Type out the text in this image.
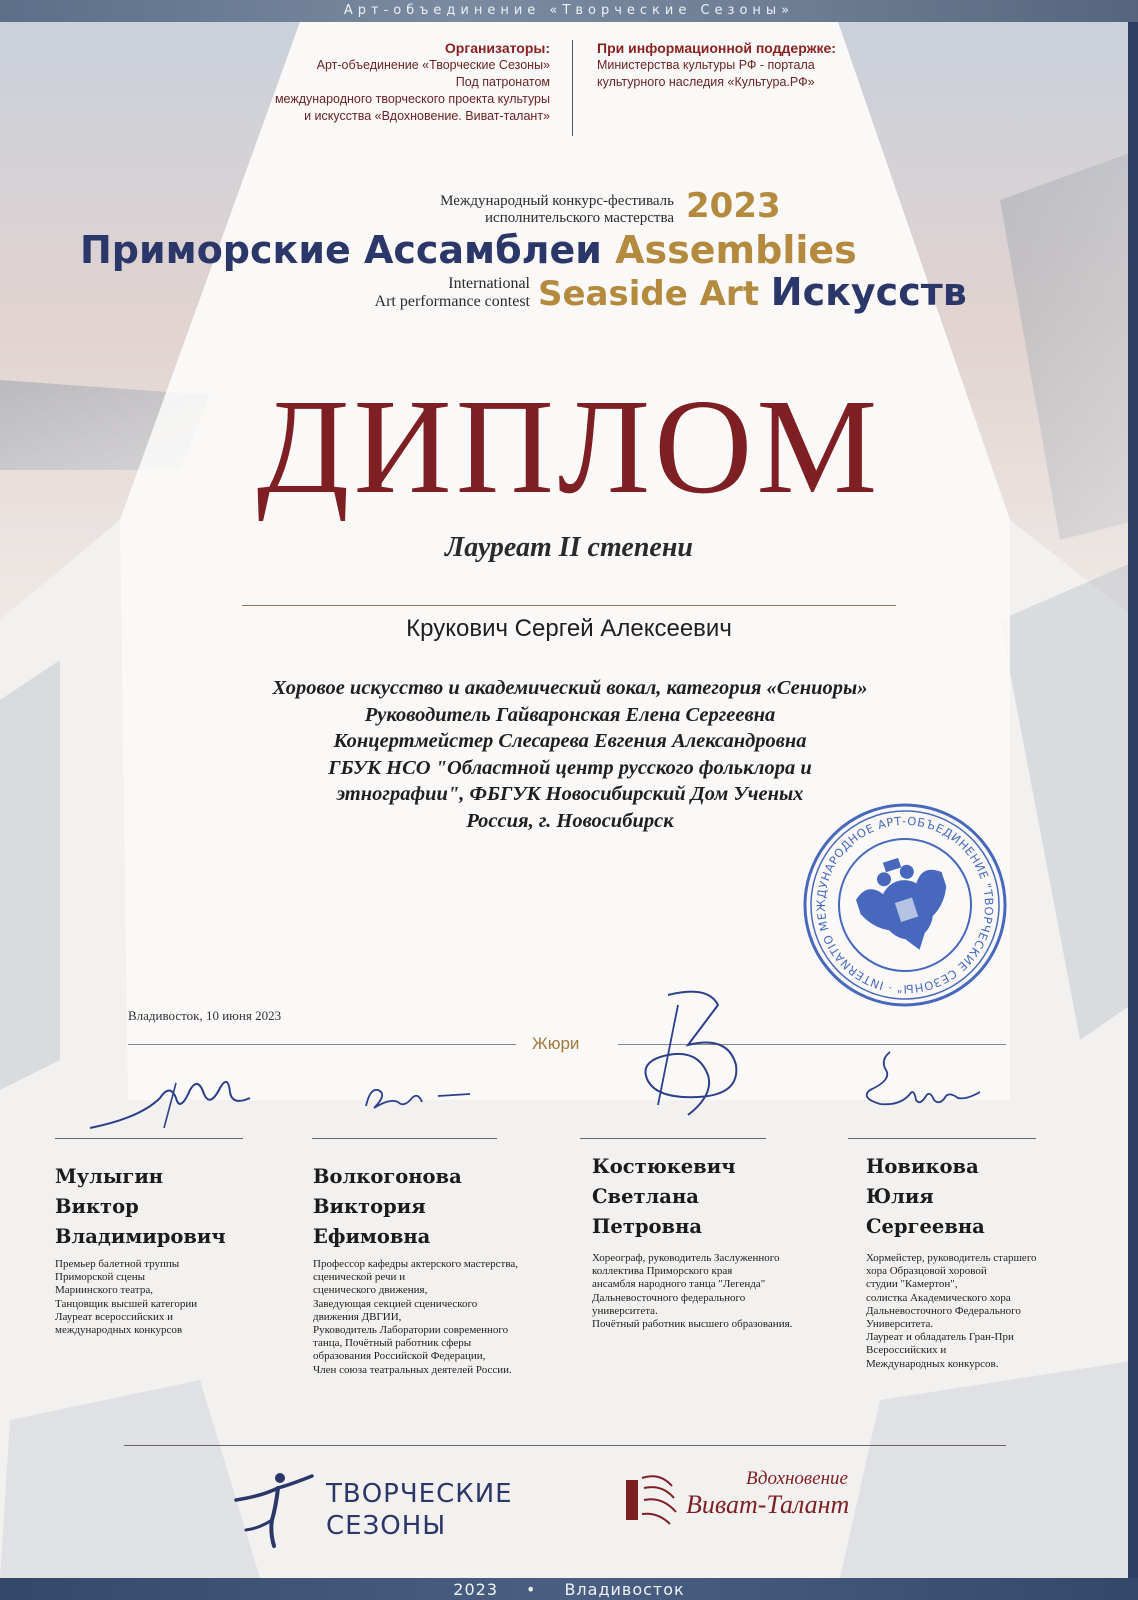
Арт-объединение «Творческие Сезоны»
Организаторы:
Арт-объединение «Творческие Сезоны»
Под патронатом
международного творческого проекта культуры
и искусства «Вдохновение. Виват-талант»
При информационной поддержке:
Министерства культуры РФ - портала
культурного наследия «Культура.РФ»
Международный конкурс-фестиваль
исполнительского мастерства 2023
Приморские Ассамблеи Assemblies
International
Art performance contest Seaside Art Искусств
ДИПЛОМ
Лауреат II степени
Крукович Сергей Алексеевич
Хоровое искусство и академический вокал, категория «Сениоры»
Руководитель Гайваронская Елена Сергеевна
Концертмейстер Слесарева Евгения Александровна
ГБУК НСО "Областной центр русского фольклора и
этнографии", ФБГУК Новосибирский Дом Ученых
Россия, г. Новосибирск
МЕЖДУНАРОДНОЕ АРТ-ОБЪЕДИНЕНИЕ "ТВОРЧЕСКИЕ СЕЗОНЫ" · INTERNATIONAL
Владивосток, 10 июня 2023
Жюри
Мулыгин
Виктор
Владимирович
Премьер балетной труппы
Приморской сцены
Мариинского театра,
Танцовщик высшей категории
Лауреат всероссийских и
международных конкурсов
Волкогонова
Виктория
Ефимовна
Профессор кафедры актерского мастерства,
сценической речи и
сценического движения,
Заведующая секцией сценического
движения ДВГИИ,
Руководитель Лаборатории современного
танца, Почётный работник сферы
образования Российской Федерации,
Член союза театральных деятелей России.
Костюкевич
Светлана
Петровна
Хореограф, руководитель Заслуженного
коллектива Приморского края
ансамбля народного танца "Легенда"
Дальневосточного федерального
университета.
Почётный работник высшего образования.
Новикова
Юлия
Сергеевна
Хормейстер, руководитель старшего
хора Образцовой хоровой
студии "Камертон",
солистка Академического хора
Дальневосточного Федерального
Университета.
Лауреат и обладатель Гран-При
Всероссийских и
Международных конкурсов.
ТВОРЧЕСКИЕ
СЕЗОНЫ
Вдохновение
Виват-Талант
2023 • Владивосток
